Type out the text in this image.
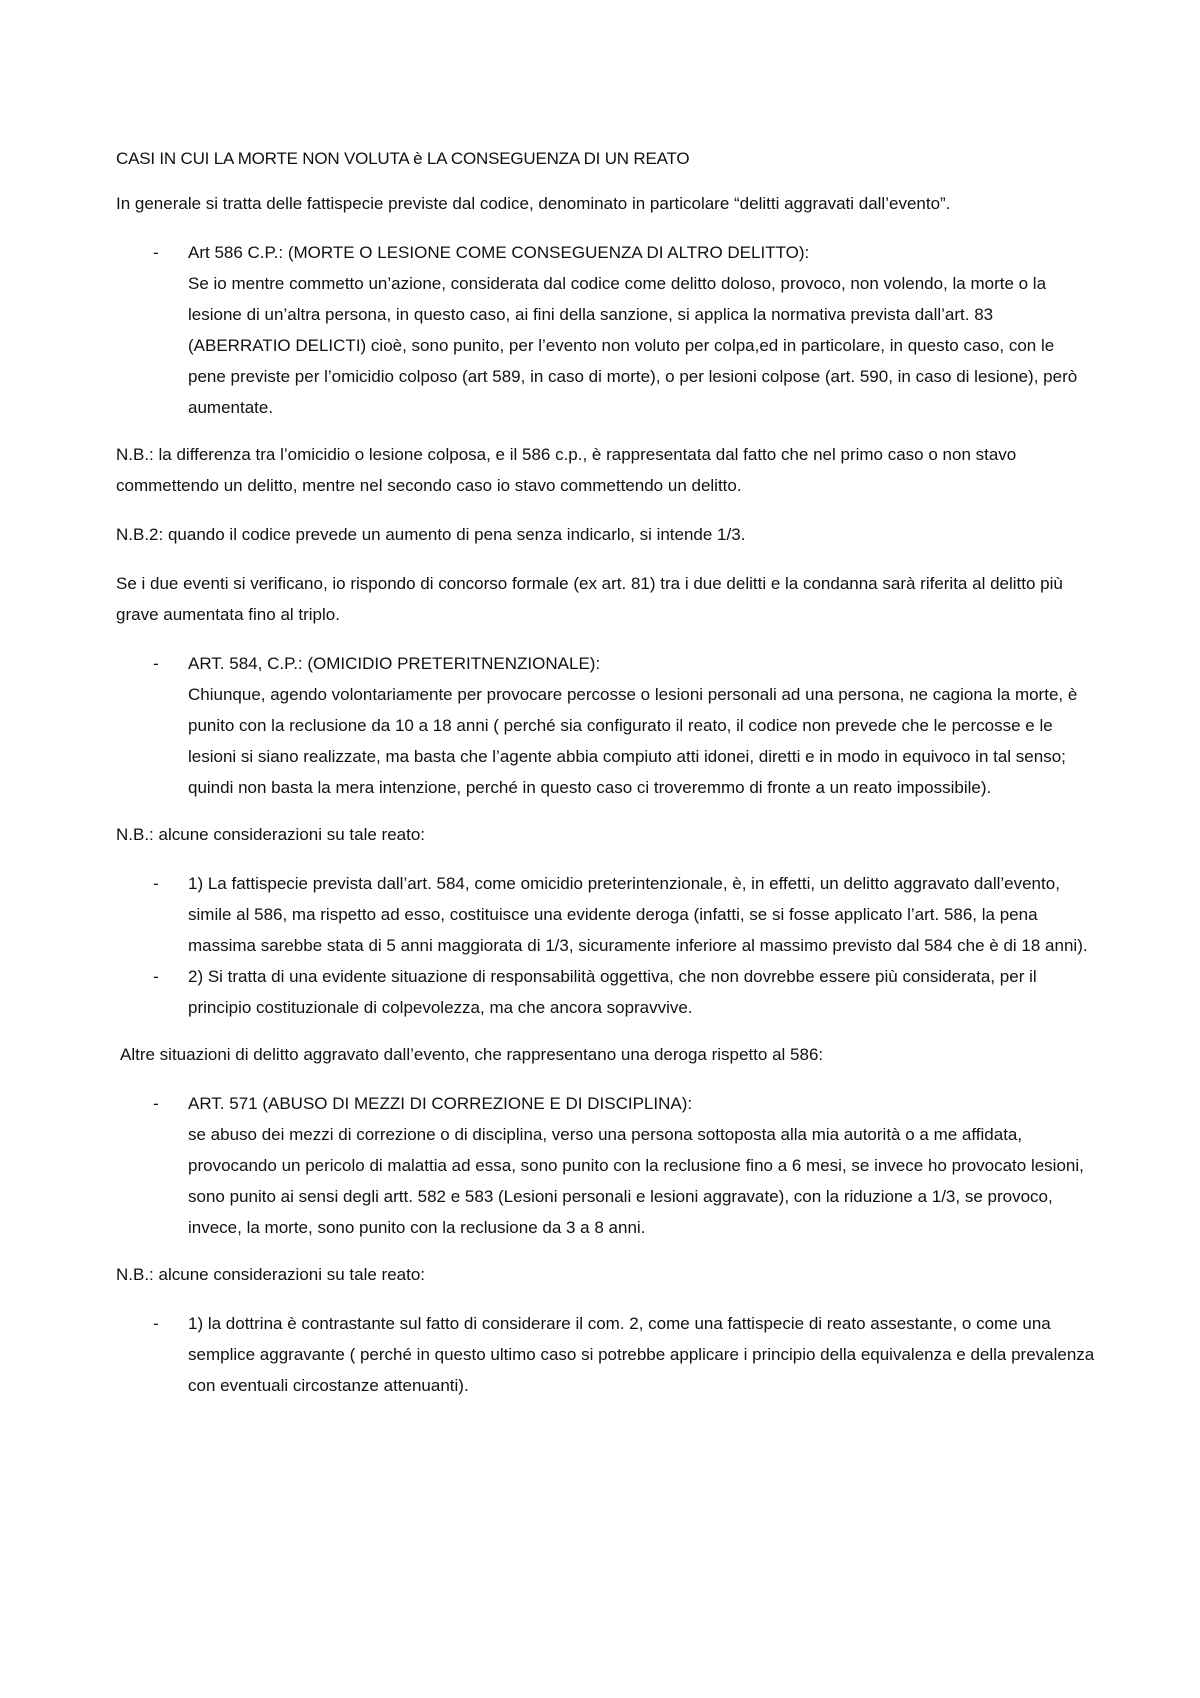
CASI IN CUI LA MORTE NON VOLUTA è LA CONSEGUENZA DI UN REATO

In generale si tratta delle fattispecie previste dal codice, denominato in particolare “delitti aggravati dall’evento”.

- Art 586 C.P.: (MORTE O LESIONE COME CONSEGUENZA DI ALTRO DELITTO):
Se io mentre commetto un’azione, considerata dal codice come delitto doloso, provoco, non volendo, la morte o la lesione di un’altra persona, in questo caso, ai fini della sanzione, si applica la normativa prevista dall’art. 83 (ABERRATIO DELICTI) cioè, sono punito, per l’evento non voluto per colpa,ed in particolare, in questo caso, con le pene previste per l’omicidio colposo (art 589, in caso di morte), o per lesioni colpose (art. 590, in caso di lesione), però aumentate.

N.B.: la differenza tra l’omicidio o lesione colposa, e il 586 c.p., è rappresentata dal fatto che nel primo caso o non stavo commettendo un delitto, mentre nel secondo caso io stavo commettendo un delitto.

N.B.2: quando il codice prevede un aumento di pena senza indicarlo, si intende 1/3.

Se i due eventi si verificano, io rispondo di concorso formale (ex art. 81) tra i due delitti e la condanna sarà riferita al delitto più grave aumentata fino al triplo.

- ART. 584, C.P.: (OMICIDIO PRETERITNENZIONALE):
Chiunque, agendo volontariamente per provocare percosse o lesioni personali ad una persona, ne cagiona la morte, è punito con la reclusione da 10 a 18 anni ( perché sia configurato il reato, il codice non prevede che le percosse e le lesioni si siano realizzate, ma basta che l’agente abbia compiuto atti idonei, diretti e in modo in equivoco in tal senso; quindi non basta la mera intenzione, perché in questo caso ci troveremmo di fronte a un reato impossibile).

N.B.: alcune considerazioni su tale reato:

- 1) La fattispecie prevista dall’art. 584, come omicidio preterintenzionale, è, in effetti, un delitto aggravato dall’evento, simile al 586, ma rispetto ad esso, costituisce una evidente deroga (infatti, se si fosse applicato l’art. 586, la pena massima sarebbe stata di 5 anni maggiorata di 1/3, sicuramente inferiore al massimo previsto dal 584 che è di 18 anni).
- 2) Si tratta di una evidente situazione di responsabilità oggettiva, che non dovrebbe essere più considerata, per il principio costituzionale di colpevolezza, ma che ancora sopravvive.

Altre situazioni di delitto aggravato dall’evento, che rappresentano una deroga rispetto al 586:

- ART. 571 (ABUSO DI MEZZI DI CORREZIONE E DI DISCIPLINA):
se abuso dei mezzi di correzione o di disciplina, verso una persona sottoposta alla mia autorità o a me affidata, provocando un pericolo di malattia ad essa, sono punito con la reclusione fino a 6 mesi, se invece ho provocato lesioni, sono punito ai sensi degli artt. 582 e 583 (Lesioni personali e lesioni aggravate), con la riduzione a 1/3, se provoco, invece, la morte, sono punito con la reclusione da 3 a 8 anni.

N.B.: alcune considerazioni su tale reato:

- 1) la dottrina è contrastante sul fatto di considerare il com. 2, come una fattispecie di reato assestante, o come una semplice aggravante ( perché in questo ultimo caso si potrebbe applicare i principio della equivalenza e della prevalenza con eventuali circostanze attenuanti).
